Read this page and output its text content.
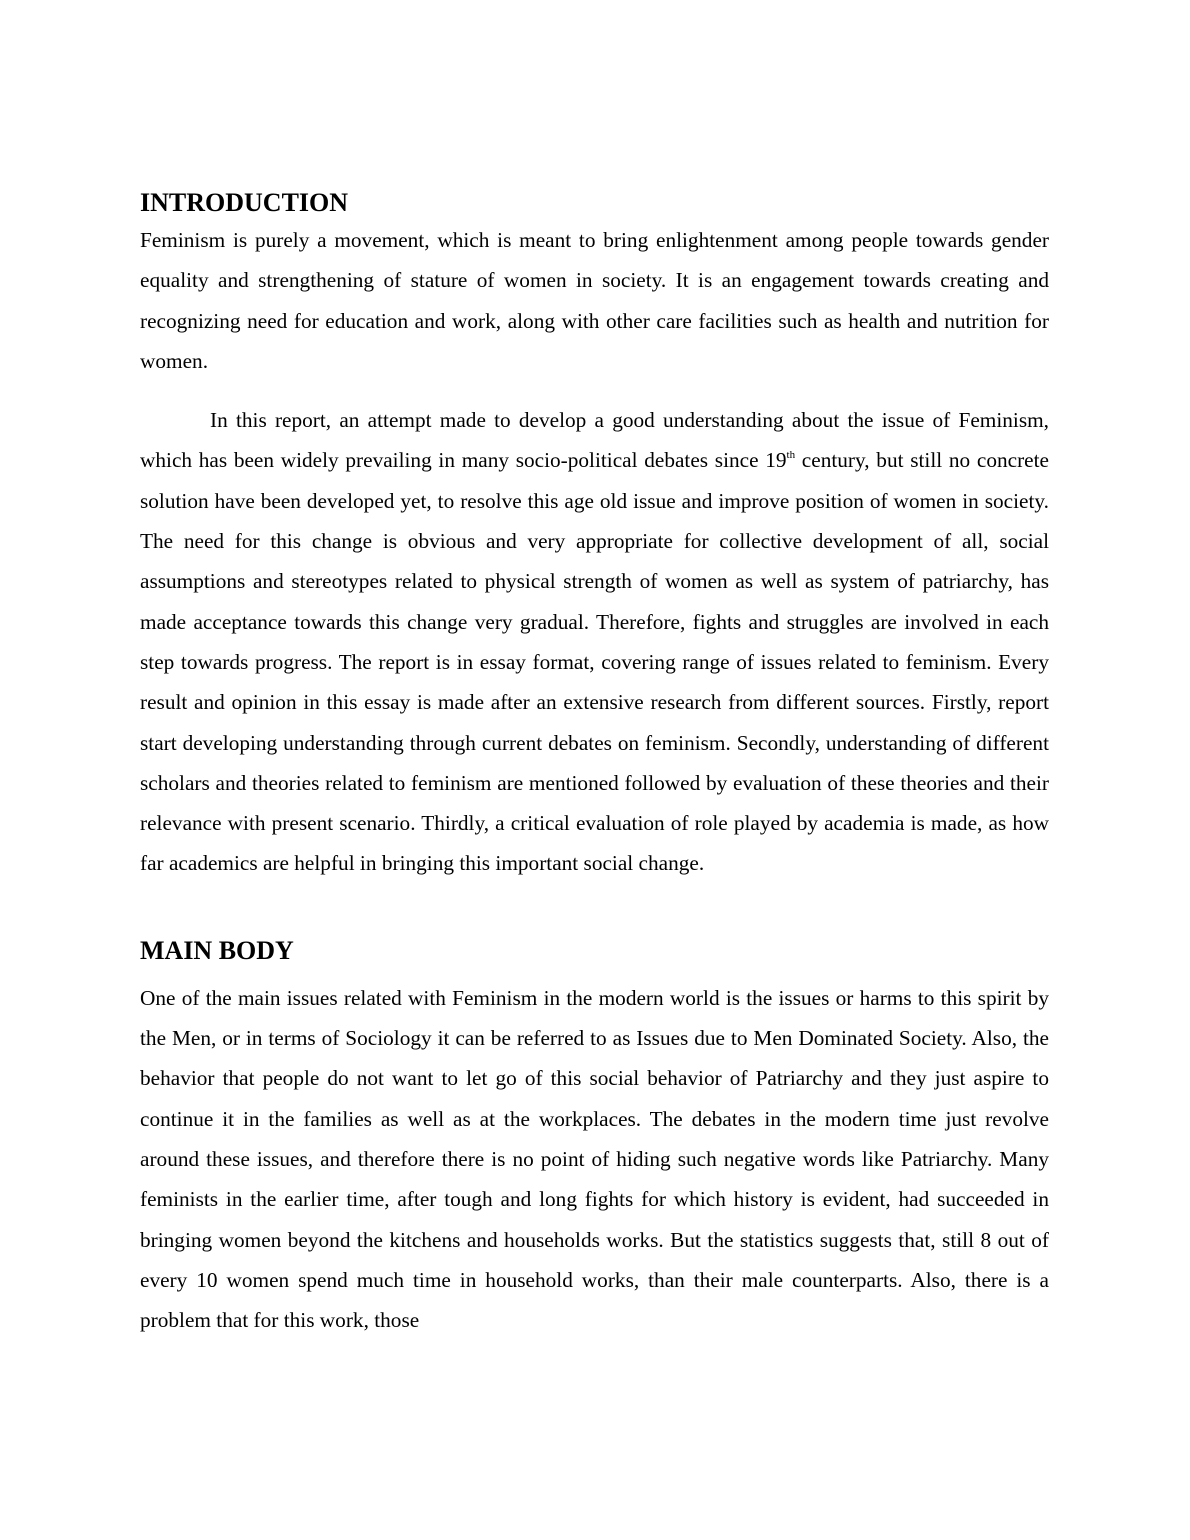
INTRODUCTION

Feminism is purely a movement, which is meant to bring enlightenment among people towards gender equality and strengthening of stature of women in society. It is an engagement towards creating and recognizing need for education and work, along with other care facilities such as health and nutrition for women.

In this report, an attempt made to develop a good understanding about the issue of Feminism, which has been widely prevailing in many socio-political debates since 19th century, but still no concrete solution have been developed yet, to resolve this age old issue and improve position of women in society. The need for this change is obvious and very appropriate for collective development of all, social assumptions and stereotypes related to physical strength of women as well as system of patriarchy, has made acceptance towards this change very gradual. Therefore, fights and struggles are involved in each step towards progress. The report is in essay format, covering range of issues related to feminism. Every result and opinion in this essay is made after an extensive research from different sources. Firstly, report start developing understanding through current debates on feminism. Secondly, understanding of different scholars and theories related to feminism are mentioned followed by evaluation of these theories and their relevance with present scenario. Thirdly, a critical evaluation of role played by academia is made, as how far academics are helpful in bringing this important social change.

MAIN BODY

One of the main issues related with Feminism in the modern world is the issues or harms to this spirit by the Men, or in terms of Sociology it can be referred to as Issues due to Men Dominated Society. Also, the behavior that people do not want to let go of this social behavior of Patriarchy and they just aspire to continue it in the families as well as at the workplaces. The debates in the modern time just revolve around these issues, and therefore there is no point of hiding such negative words like Patriarchy. Many feminists in the earlier time, after tough and long fights for which history is evident, had succeeded in bringing women beyond the kitchens and households works. But the statistics suggests that, still 8 out of every 10 women spend much time in household works, than their male counterparts. Also, there is a problem that for this work, those
